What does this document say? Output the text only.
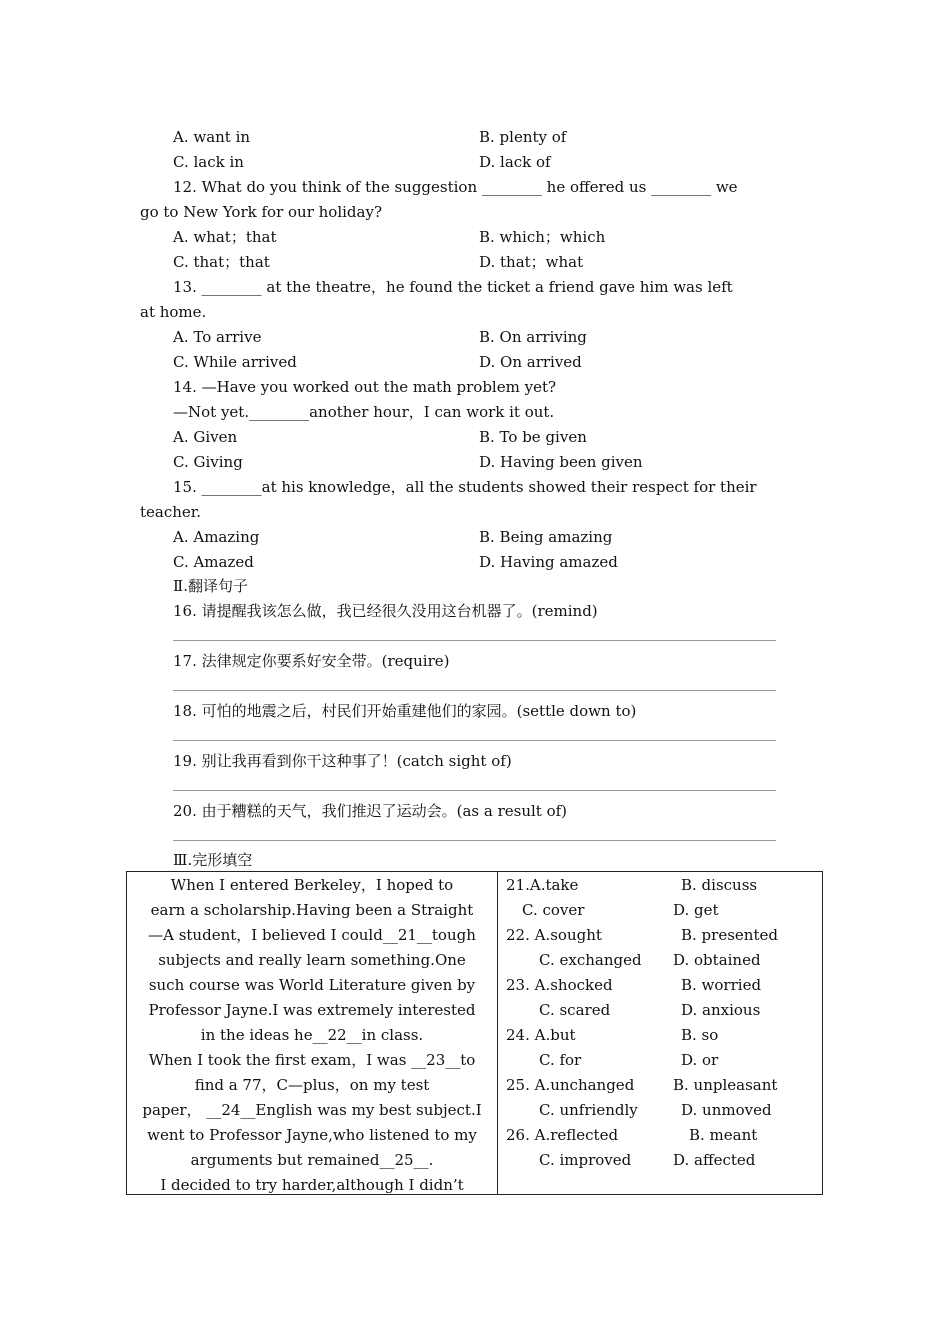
A. want in	B. plenty of
C. lack in	D. lack of
12. What do you think of the suggestion ________ he offered us ________ we
go to New York for our holiday?
A. what；that	B. which；which
C. that；that	D. that；what
13. ________ at the theatre，he found the ticket a friend gave him was left
at home.
A. To arrive	B. On arriving
C. While arrived	D. On arrived
14. —Have you worked out the math problem yet?
—Not yet.________another hour，I can work it out.
A. Given	B. To be given
C. Giving	D. Having been given
15. ________at his knowledge，all the students showed their respect for their
teacher.
A. Amazing	B. Being amazing
C. Amazed	D. Having amazed
Ⅱ.翻译句子
16. 请提醒我该怎么做，我已经很久没用这台机器了。(remind)
17. 法律规定你要系好安全带。(require)
18. 可怕的地震之后，村民们开始重建他们的家园。(settle down to)
19. 别让我再看到你干这种事了！(catch sight of)
20. 由于糟糕的天气，我们推迟了运动会。(as a result of)
Ⅲ.完形填空
When I entered Berkeley，I hoped to
earn a scholarship.Having been a Straight
—A student，I believed I could__21__tough
subjects and really learn something.One
such course was World Literature given by
Professor Jayne.I was extremely interested
in the ideas he__22__in class.
When I took the first exam，I was __23__to
find a 77，C—plus，on my test
paper， __24__English was my best subject.I
went to Professor Jayne,who listened to my
arguments but remained__25__.
I decided to try harder,although I didn’t
21.A.take	B. discuss
C. cover	D. get
22. A.sought	B. presented
C. exchanged D. obtained
23. A.shocked	B. worried
C. scared	D. anxious
24. A.but	B. so
C. for	D. or
25. A.unchanged	B. unpleasant
C. unfriendly	D. unmoved
26. A.reflected	B. meant
C. improved	D. affected
